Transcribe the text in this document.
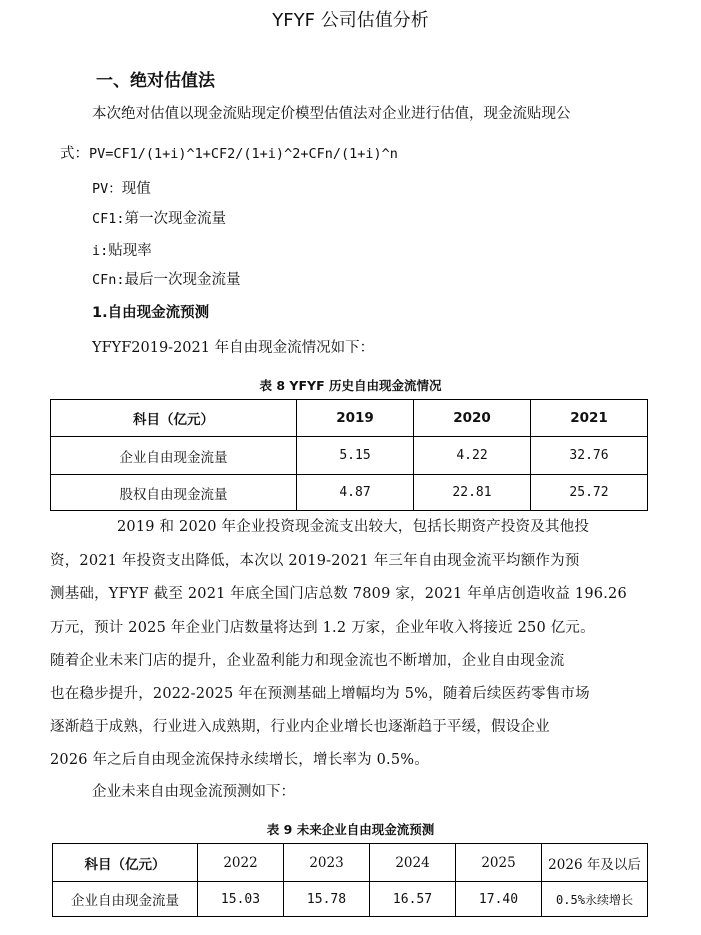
YFYF 公司估值分析
一、绝对估值法
本次绝对估值以现金流贴现定价模型估值法对企业进行估值，现金流贴现公
式：PV=CF1/(1+i)^1+CF2/(1+i)^2+CFn/(1+i)^n
PV：现值
CF1:第一次现金流量
i:贴现率
CFn:最后一次现金流量
1.自由现金流预测
YFYF2019-2021 年自由现金流情况如下：
表 8 YFYF 历史自由现金流情况
科目（亿元）	2019	2020	2021
企业自由现金流量	5.15	4.22	32.76
股权自由现金流量	4.87	22.81	25.72
2019 和 2020 年企业投资现金流支出较大，包括长期资产投资及其他投
资，2021 年投资支出降低，本次以 2019-2021 年三年自由现金流平均额作为预
测基础，YFYF 截至 2021 年底全国门店总数 7809 家，2021 年单店创造收益 196.26
万元，预计 2025 年企业门店数量将达到 1.2 万家，企业年收入将接近 250 亿元。
随着企业未来门店的提升，企业盈利能力和现金流也不断增加，企业自由现金流
也在稳步提升，2022-2025 年在预测基础上增幅均为 5%，随着后续医药零售市场
逐渐趋于成熟，行业进入成熟期，行业内企业增长也逐渐趋于平缓，假设企业
2026 年之后自由现金流保持永续增长，增长率为 0.5%。
企业未来自由现金流预测如下：
表 9 未来企业自由现金流预测
科目（亿元）	2022	2023	2024	2025	2026 年及以后
企业自由现金流量	15.03	15.78	16.57	17.40	0.5%永续增长
